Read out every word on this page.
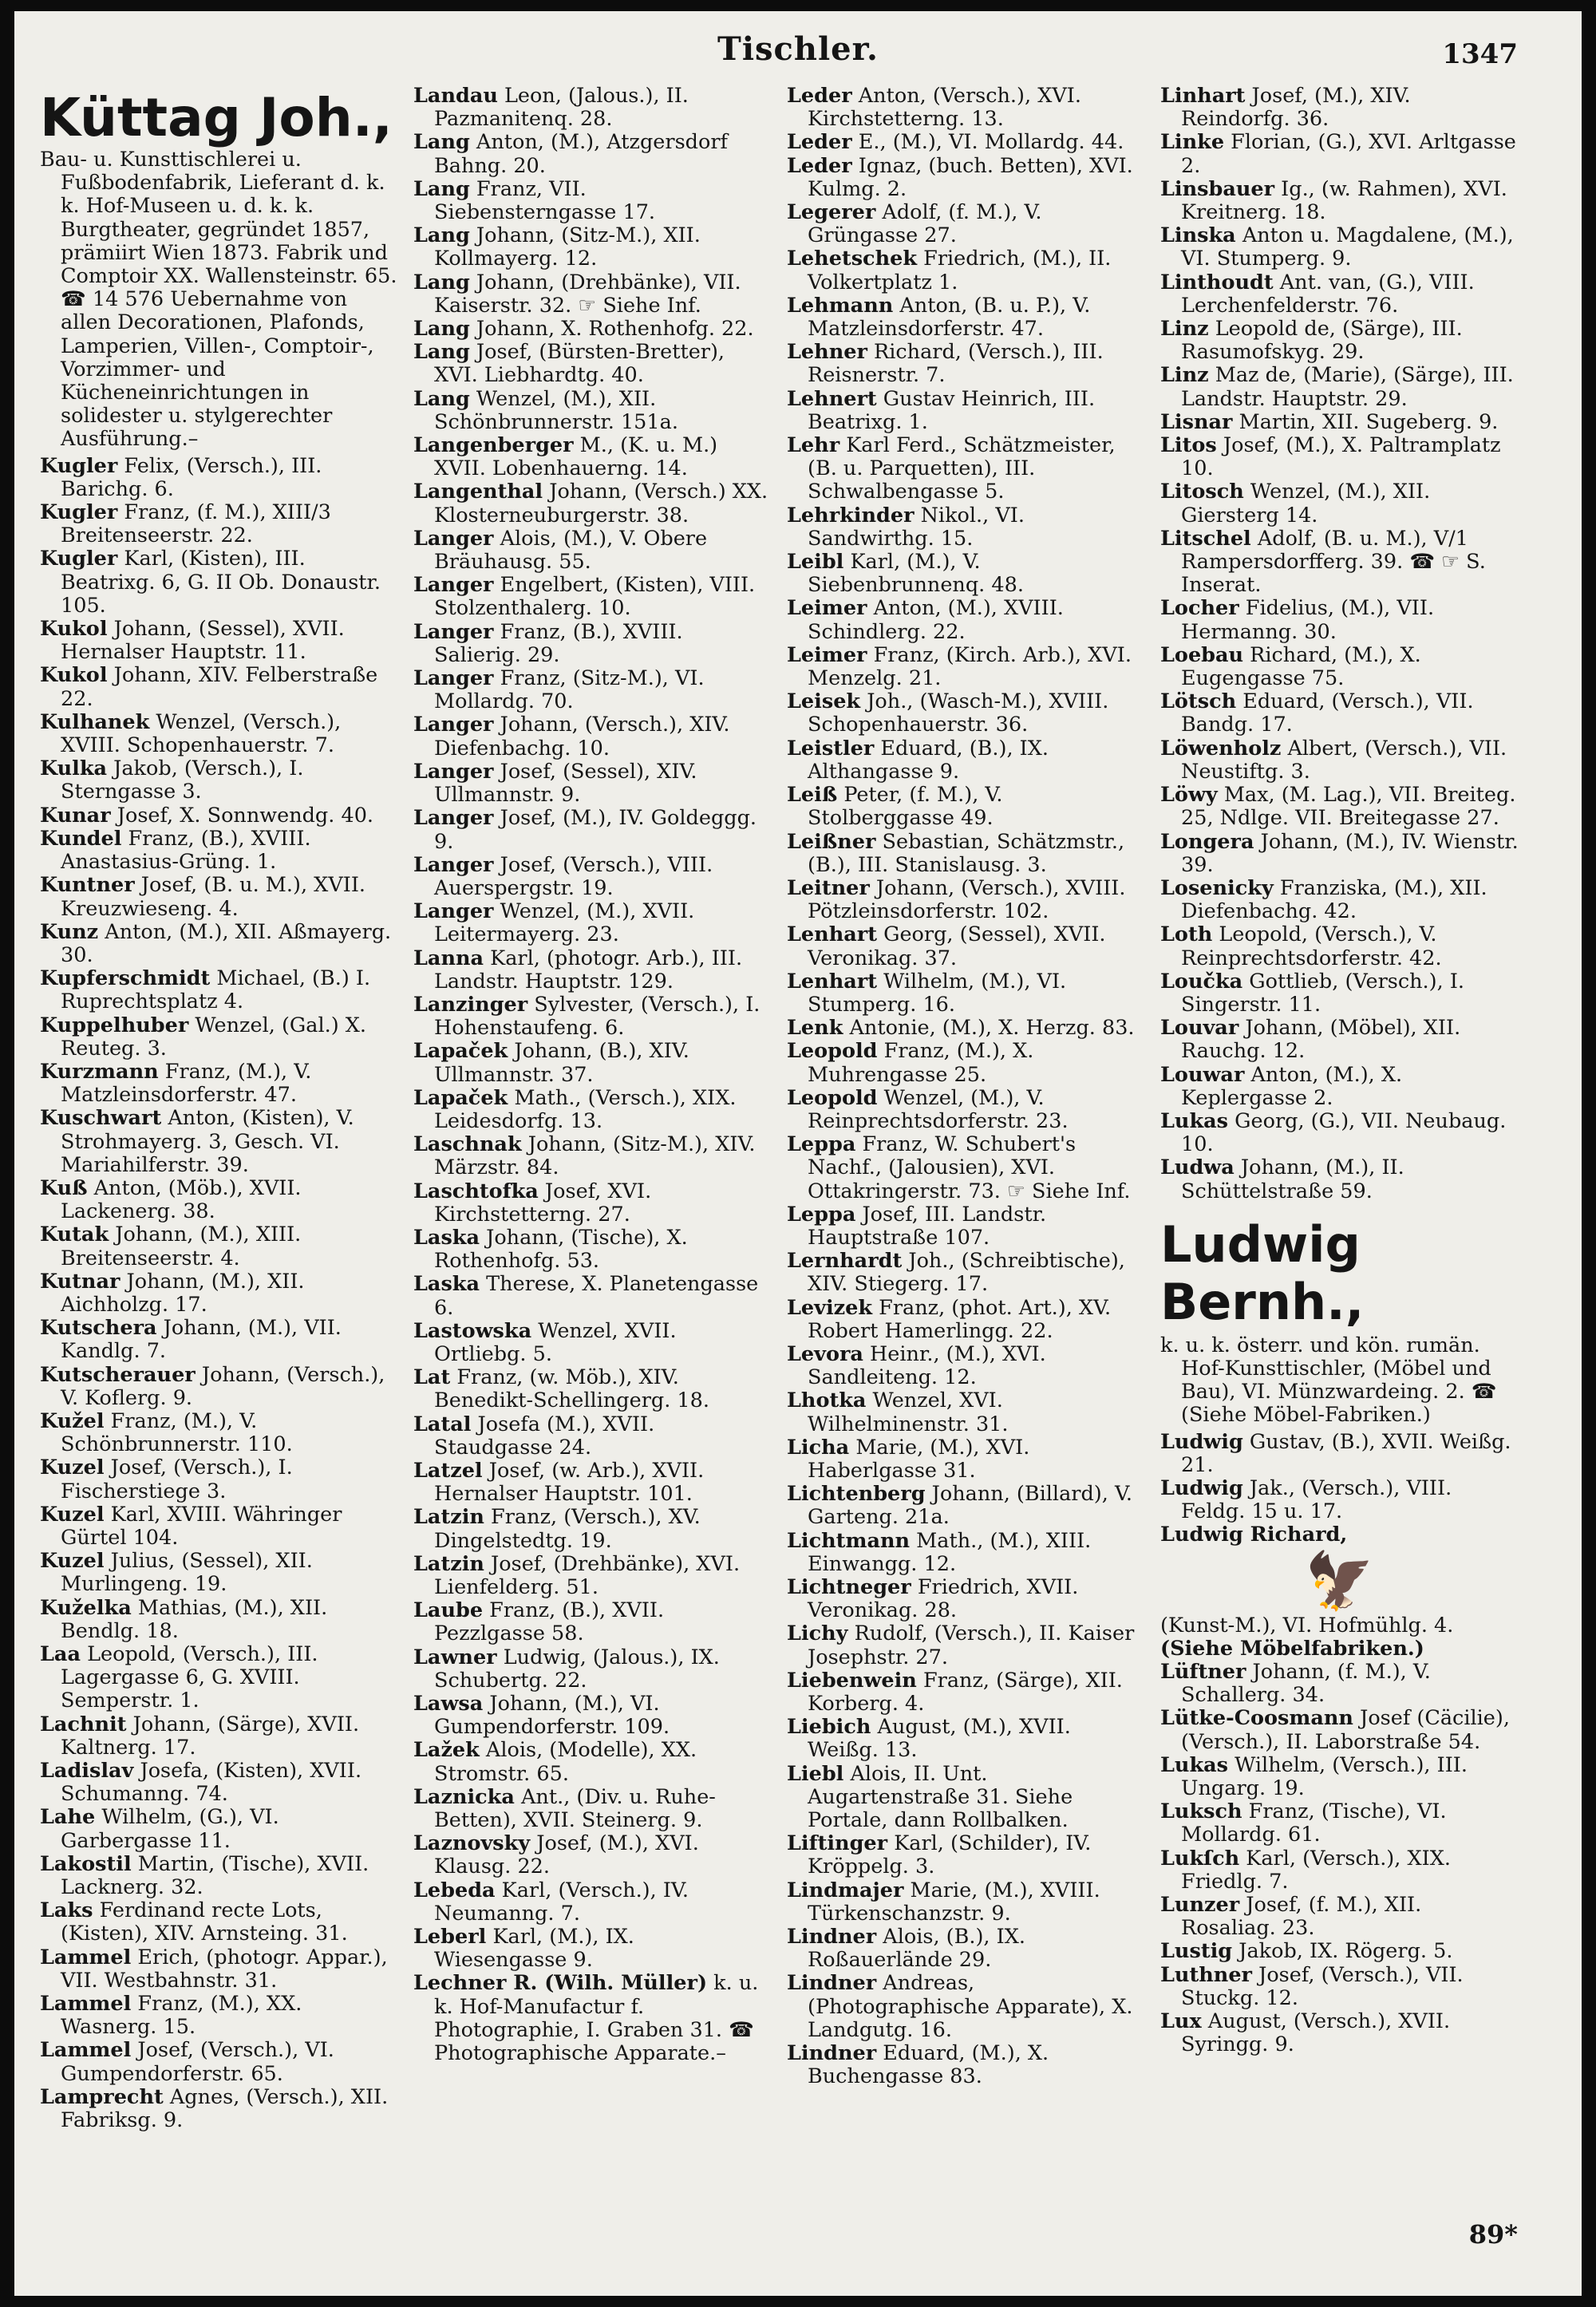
Tischler.	1347
Küttag Joh.,

Bau- u. Kunsttischlerei u. Fußbodenfabrik, Lieferant d. k. k. Hof-Museen u. d. k. k. Burgtheater, gegründet 1857, prämiirt Wien 1873. Fabrik und Comptoir XX. Wallensteinstr. 65. ☎ 14 576 Uebernahme von allen Decorationen, Plafonds, Lamperien, Villen-, Comptoir-, Vorzimmer- und Kücheneinrichtungen in solidester u. stylgerechter Ausführung.–

Kugler Felix, (Versch.), III. Barichg. 6.

Kugler Franz, (f. M.), XIII/3 Breitenseerstr. 22.

Kugler Karl, (Kisten), III. Beatrixg. 6, G. II Ob. Donaustr. 105.

Kukol Johann, (Sessel), XVII. Hernalser Hauptstr. 11.

Kukol Johann, XIV. Felberstraße 22.

Kulhanek Wenzel, (Versch.), XVIII. Schopenhauerstr. 7.

Kulka Jakob, (Versch.), I. Sterngasse 3.

Kunar Josef, X. Sonnwendg. 40.

Kundel Franz, (B.), XVIII. Anastasius-Grüng. 1.

Kuntner Josef, (B. u. M.), XVII. Kreuzwieseng. 4.

Kunz Anton, (M.), XII. Aßmayerg. 30.

Kupferschmidt Michael, (B.) I. Ruprechtsplatz 4.

Kuppelhuber Wenzel, (Gal.) X. Reuteg. 3.

Kurzmann Franz, (M.), V. Matzleinsdorferstr. 47.

Kuschwart Anton, (Kisten), V. Strohmayerg. 3, Gesch. VI. Mariahilferstr. 39.

Kuß Anton, (Möb.), XVII. Lackenerg. 38.

Kutak Johann, (M.), XIII. Breitenseerstr. 4.

Kutnar Johann, (M.), XII. Aichholzg. 17.

Kutschera Johann, (M.), VII. Kandlg. 7.

Kutscherauer Johann, (Versch.), V. Koflerg. 9.

Kužel Franz, (M.), V. Schönbrunnerstr. 110.

Kuzel Josef, (Versch.), I. Fischerstiege 3.

Kuzel Karl, XVIII. Währinger Gürtel 104.

Kuzel Julius, (Sessel), XII. Murlingeng. 19.

Kuželka Mathias, (M.), XII. Bendlg. 18.

Laa Leopold, (Versch.), III. Lagergasse 6, G. XVIII. Semperstr. 1.

Lachnit Johann, (Särge), XVII. Kaltnerg. 17.

Ladislav Josefa, (Kisten), XVII. Schumanng. 74.

Lahe Wilhelm, (G.), VI. Garbergasse 11.

Lakostil Martin, (Tische), XVII. Lacknerg. 32.

Laks Ferdinand recte Lots, (Kisten), XIV. Arnsteing. 31.

Lammel Erich, (photogr. Appar.), VII. Westbahnstr. 31.

Lammel Franz, (M.), XX. Wasnerg. 15.

Lammel Josef, (Versch.), VI. Gumpendorferstr. 65.

Lamprecht Agnes, (Versch.), XII. Fabriksg. 9.

Landau Leon, (Jalous.), II. Pazmanitenq. 28.

Lang Anton, (M.), Atzgersdorf Bahng. 20.

Lang Franz, VII. Siebensterngasse 17.

Lang Johann, (Sitz-M.), XII. Kollmayerg. 12.

Lang Johann, (Drehbänke), VII. Kaiserstr. 32. ☞ Siehe Inf.

Lang Johann, X. Rothenhofg. 22.

Lang Josef, (Bürsten-Bretter), XVI. Liebhardtg. 40.

Lang Wenzel, (M.), XII. Schönbrunnerstr. 151a.

Langenberger M., (K. u. M.) XVII. Lobenhauerng. 14.

Langenthal Johann, (Versch.) XX. Klosterneuburgerstr. 38.

Langer Alois, (M.), V. Obere Bräuhausg. 55.

Langer Engelbert, (Kisten), VIII. Stolzenthalerg. 10.

Langer Franz, (B.), XVIII. Salierig. 29.

Langer Franz, (Sitz-M.), VI. Mollardg. 70.

Langer Johann, (Versch.), XIV. Diefenbachg. 10.

Langer Josef, (Sessel), XIV. Ullmannstr. 9.

Langer Josef, (M.), IV. Goldeggg. 9.

Langer Josef, (Versch.), VIII. Auerspergstr. 19.

Langer Wenzel, (M.), XVII. Leitermayerg. 23.

Lanna Karl, (photogr. Arb.), III. Landstr. Hauptstr. 129.

Lanzinger Sylvester, (Versch.), I. Hohenstaufeng. 6.

Lapaček Johann, (B.), XIV. Ullmannstr. 37.

Lapaček Math., (Versch.), XIX. Leidesdorfg. 13.

Laschnak Johann, (Sitz-M.), XIV. Märzstr. 84.

Laschtofka Josef, XVI. Kirchstetterng. 27.

Laska Johann, (Tische), X. Rothenhofg. 53.

Laska Therese, X. Planetengasse 6.

Lastowska Wenzel, XVII. Ortliebg. 5.

Lat Franz, (w. Möb.), XIV. Benedikt-Schellingerg. 18.

Latal Josefa (M.), XVII. Staudgasse 24.

Latzel Josef, (w. Arb.), XVII. Hernalser Hauptstr. 101.

Latzin Franz, (Versch.), XV. Dingelstedtg. 19.

Latzin Josef, (Drehbänke), XVI. Lienfelderg. 51.

Laube Franz, (B.), XVII. Pezzlgasse 58.

Lawner Ludwig, (Jalous.), IX. Schubertg. 22.

Lawsa Johann, (M.), VI. Gumpendorferstr. 109.

Lažek Alois, (Modelle), XX. Stromstr. 65.

Laznicka Ant., (Div. u. Ruhe-Betten), XVII. Steinerg. 9.

Laznovsky Josef, (M.), XVI. Klausg. 22.

Lebeda Karl, (Versch.), IV. Neumanng. 7.

Leberl Karl, (M.), IX. Wiesengasse 9.

Lechner R. (Wilh. Müller) k. u. k. Hof-Manufactur f. Photographie, I. Graben 31. ☎ Photographische Apparate.–

Leder Anton, (Versch.), XVI. Kirchstetterng. 13.

Leder E., (M.), VI. Mollardg. 44.

Leder Ignaz, (buch. Betten), XVI. Kulmg. 2.

Legerer Adolf, (f. M.), V. Grüngasse 27.

Lehetschek Friedrich, (M.), II. Volkertplatz 1.

Lehmann Anton, (B. u. P.), V. Matzleinsdorferstr. 47.

Lehner Richard, (Versch.), III. Reisnerstr. 7.

Lehnert Gustav Heinrich, III. Beatrixg. 1.

Lehr Karl Ferd., Schätzmeister, (B. u. Parquetten), III. Schwalbengasse 5.

Lehrkinder Nikol., VI. Sandwirthg. 15.

Leibl Karl, (M.), V. Siebenbrunnenq. 48.

Leimer Anton, (M.), XVIII. Schindlerg. 22.

Leimer Franz, (Kirch. Arb.), XVI. Menzelg. 21.

Leisek Joh., (Wasch-M.), XVIII. Schopenhauerstr. 36.

Leistler Eduard, (B.), IX. Althangasse 9.

Leiß Peter, (f. M.), V. Stolberggasse 49.

Leißner Sebastian, Schätzmstr., (B.), III. Stanislausg. 3.

Leitner Johann, (Versch.), XVIII. Pötzleinsdorferstr. 102.

Lenhart Georg, (Sessel), XVII. Veronikag. 37.

Lenhart Wilhelm, (M.), VI. Stumperg. 16.

Lenk Antonie, (M.), X. Herzg. 83.

Leopold Franz, (M.), X. Muhrengasse 25.

Leopold Wenzel, (M.), V. Reinprechtsdorferstr. 23.

Leppa Franz, W. Schubert's Nachf., (Jalousien), XVI. Ottakringerstr. 73. ☞ Siehe Inf.

Leppa Josef, III. Landstr. Hauptstraße 107.

Lernhardt Joh., (Schreibtische), XIV. Stiegerg. 17.

Levizek Franz, (phot. Art.), XV. Robert Hamerlingg. 22.

Levora Heinr., (M.), XVI. Sandleiteng. 12.

Lhotka Wenzel, XVI. Wilhelminenstr. 31.

Licha Marie, (M.), XVI. Haberlgasse 31.

Lichtenberg Johann, (Billard), V. Garteng. 21a.

Lichtmann Math., (M.), XIII. Einwangg. 12.

Lichtneger Friedrich, XVII. Veronikag. 28.

Lichy Rudolf, (Versch.), II. Kaiser Josephstr. 27.

Liebenwein Franz, (Särge), XII. Korberg. 4.

Liebich August, (M.), XVII. Weißg. 13.

Liebl Alois, II. Unt. Augartenstraße 31. Siehe Portale, dann Rollbalken.

Liftinger Karl, (Schilder), IV. Kröppelg. 3.

Lindmajer Marie, (M.), XVIII. Türkenschanzstr. 9.

Lindner Alois, (B.), IX. Roßauerlände 29.

Lindner Andreas, (Photographische Apparate), X. Landgutg. 16.

Lindner Eduard, (M.), X. Buchengasse 83.

Linhart Josef, (M.), XIV. Reindorfg. 36.

Linke Florian, (G.), XVI. Arltgasse 2.

Linsbauer Ig., (w. Rahmen), XVI. Kreitnerg. 18.

Linska Anton u. Magdalene, (M.), VI. Stumperg. 9.

Linthoudt Ant. van, (G.), VIII. Lerchenfelderstr. 76.

Linz Leopold de, (Särge), III. Rasumofskyg. 29.

Linz Maz de, (Marie), (Särge), III. Landstr. Hauptstr. 29.

Lisnar Martin, XII. Sugeberg. 9.

Litos Josef, (M.), X. Paltramplatz 10.

Litosch Wenzel, (M.), XII. Giersterg 14.

Litschel Adolf, (B. u. M.), V/1 Rampersdorfferg. 39. ☎ ☞ S. Inserat.

Locher Fidelius, (M.), VII. Hermanng. 30.

Loebau Richard, (M.), X. Eugengasse 75.

Lötsch Eduard, (Versch.), VII. Bandg. 17.

Löwenholz Albert, (Versch.), VII. Neustiftg. 3.

Löwy Max, (M. Lag.), VII. Breiteg. 25, Ndlge. VII. Breitegasse 27.

Longera Johann, (M.), IV. Wienstr. 39.

Losenicky Franziska, (M.), XII. Diefenbachg. 42.

Loth Leopold, (Versch.), V. Reinprechtsdorferstr. 42.

Loučka Gottlieb, (Versch.), I. Singerstr. 11.

Louvar Johann, (Möbel), XII. Rauchg. 12.

Louwar Anton, (M.), X. Keplergasse 2.

Lukas Georg, (G.), VII. Neubaug. 10.

Ludwa Johann, (M.), II. Schüttelstraße 59.

Ludwig Bernh.,

k. u. k. österr. und kön. rumän. Hof-Kunsttischler, (Möbel und Bau), VI. Münzwardeing. 2. ☎ (Siehe Möbel-Fabriken.)

Ludwig Gustav, (B.), XVII. Weißg. 21.

Ludwig Jak., (Versch.), VIII. Feldg. 15 u. 17.

Ludwig Richard,

🦅

(Kunst-M.), VI. Hofmühlg. 4.

(Siehe Möbelfabriken.)

Lüftner Johann, (f. M.), V. Schallerg. 34.

Lütke-Coosmann Josef (Cäcilie), (Versch.), II. Laborstraße 54.

Lukas Wilhelm, (Versch.), III. Ungarg. 19.

Luksch Franz, (Tische), VI. Mollardg. 61.

Lukſch Karl, (Versch.), XIX. Friedlg. 7.

Lunzer Josef, (f. M.), XII. Rosaliag. 23.

Lustig Jakob, IX. Rögerg. 5.

Luthner Josef, (Versch.), VII. Stuckg. 12.

Lux August, (Versch.), XVII. Syringg. 9.

89*
